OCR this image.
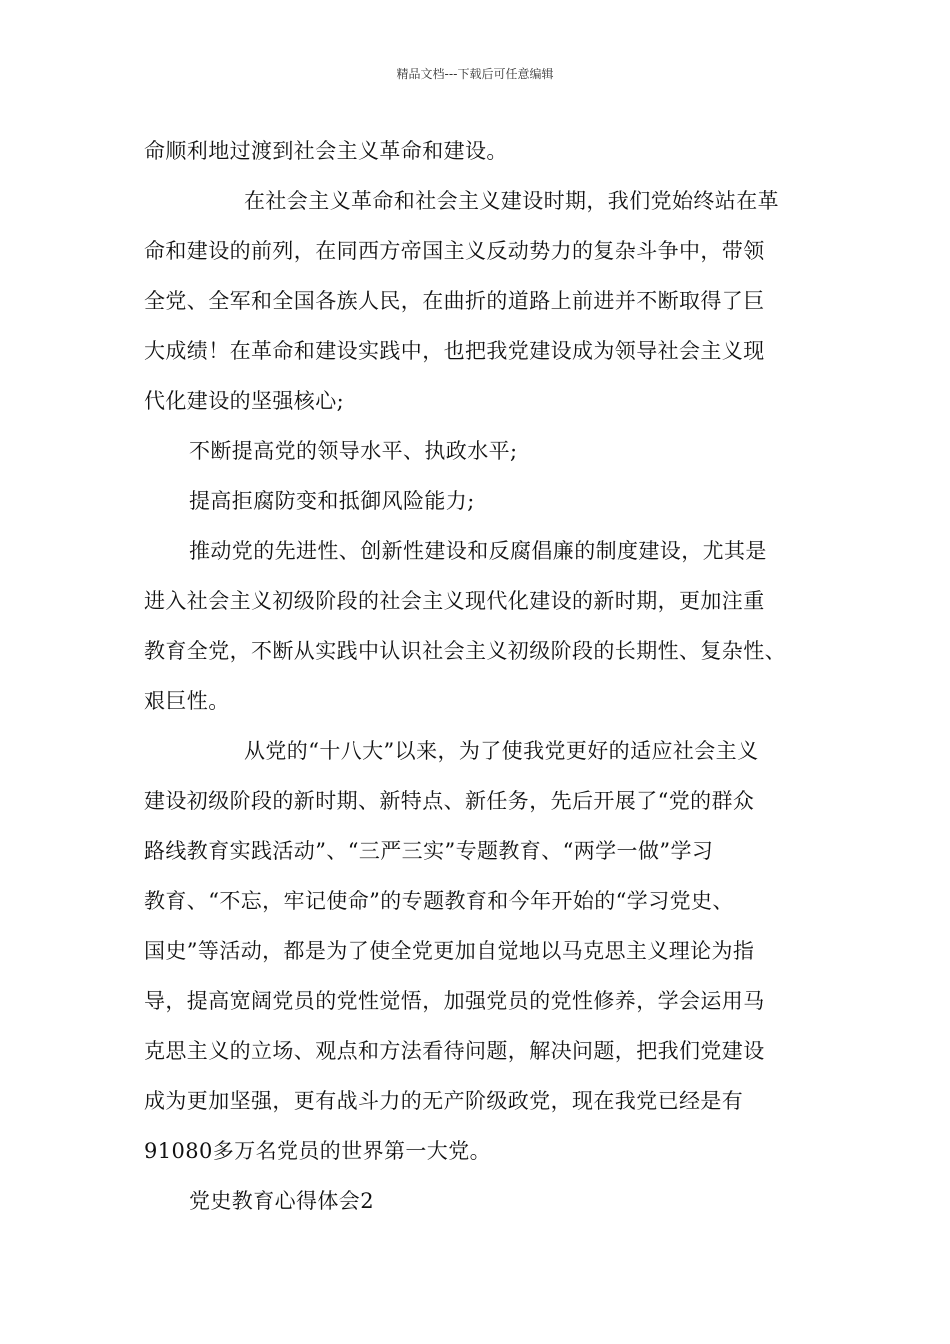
精品文档---下载后可任意编辑
命顺利地过渡到社会主义革命和建设。
在社会主义革命和社会主义建设时期，我们党始终站在革
命和建设的前列，在同西方帝国主义反动势力的复杂斗争中，带领
全党、全军和全国各族人民，在曲折的道路上前进并不断取得了巨
大成绩！在革命和建设实践中，也把我党建设成为领导社会主义现
代化建设的坚强核心;
不断提高党的领导水平、执政水平;
提高拒腐防变和抵御风险能力;
推动党的先进性、创新性建设和反腐倡廉的制度建设，尤其是
进入社会主义初级阶段的社会主义现代化建设的新时期，更加注重
教育全党，不断从实践中认识社会主义初级阶段的长期性、复杂性、
艰巨性。
从党的“十八大”以来，为了使我党更好的适应社会主义
建设初级阶段的新时期、新特点、新任务，先后开展了“党的群众
路线教育实践活动”、“三严三实”专题教育、“两学一做”学习
教育、“不忘，牢记使命”的专题教育和今年开始的“学习党史、
国史”等活动，都是为了使全党更加自觉地以马克思主义理论为指
导，提高宽阔党员的党性觉悟，加强党员的党性修养，学会运用马
克思主义的立场、观点和方法看待问题，解决问题，把我们党建设
成为更加坚强，更有战斗力的无产阶级政党，现在我党已经是有
91080多万名党员的世界第一大党。
党史教育心得体会2
